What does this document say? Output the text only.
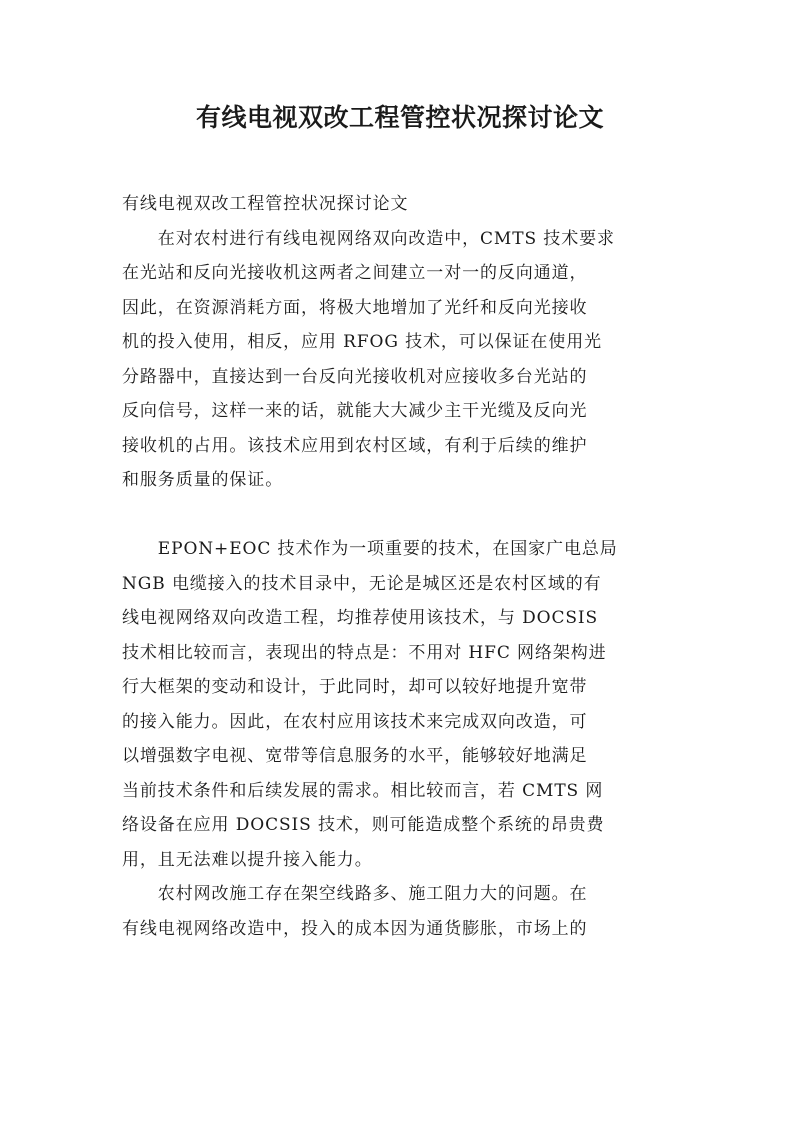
有线电视双改工程管控状况探讨论文
有线电视双改工程管控状况探讨论文
　　在对农村进行有线电视网络双向改造中，CMTS 技术要求
在光站和反向光接收机这两者之间建立一对一的反向通道，
因此，在资源消耗方面，将极大地增加了光纤和反向光接收
机的投入使用，相反，应用 RFOG 技术，可以保证在使用光
分路器中，直接达到一台反向光接收机对应接收多台光站的
反向信号，这样一来的话，就能大大减少主干光缆及反向光
接收机的占用。该技术应用到农村区域，有利于后续的维护
和服务质量的保证。
　　EPON+EOC 技术作为一项重要的技术，在国家广电总局
NGB 电缆接入的技术目录中，无论是城区还是农村区域的有
线电视网络双向改造工程，均推荐使用该技术，与 DOCSIS
技术相比较而言，表现出的特点是：不用对 HFC 网络架构进
行大框架的变动和设计，于此同时，却可以较好地提升宽带
的接入能力。因此，在农村应用该技术来完成双向改造，可
以增强数字电视、宽带等信息服务的水平，能够较好地满足
当前技术条件和后续发展的需求。相比较而言，若 CMTS 网
络设备在应用 DOCSIS 技术，则可能造成整个系统的昂贵费
用，且无法难以提升接入能力。
　　农村网改施工存在架空线路多、施工阻力大的问题。在
有线电视网络改造中，投入的成本因为通货膨胀，市场上的
